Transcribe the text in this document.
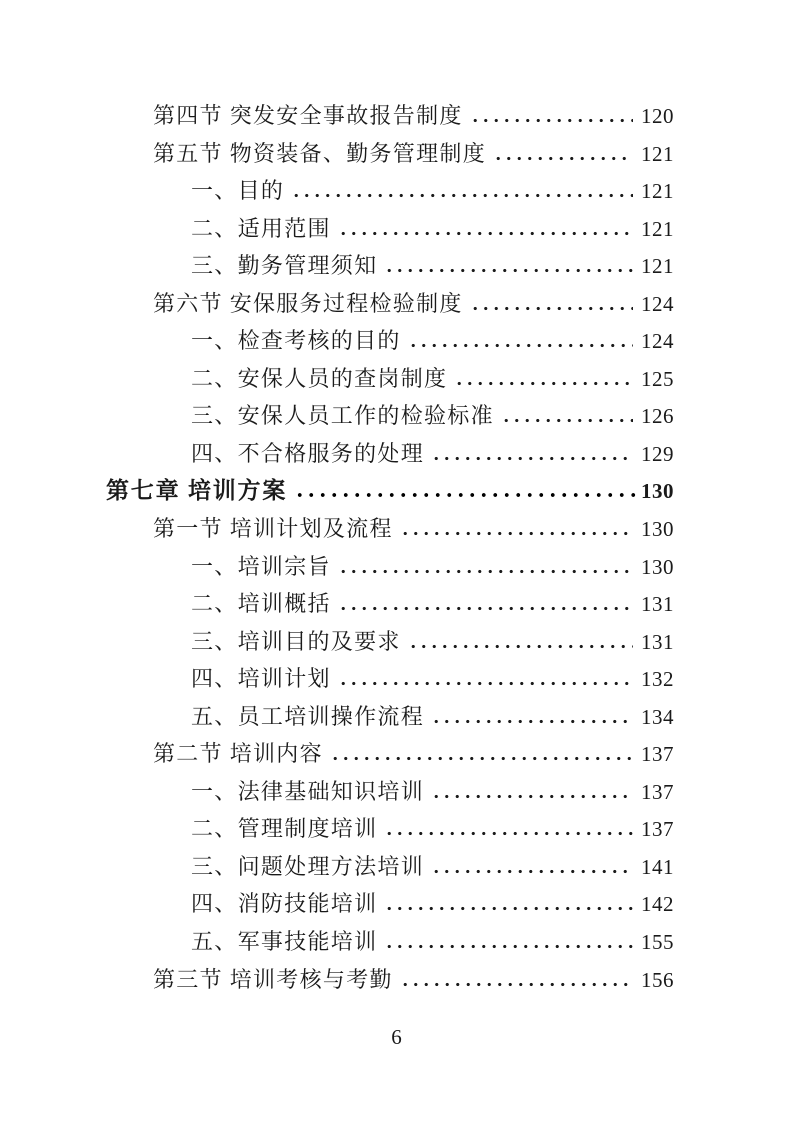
第四节 突发安全事故报告制度	120
第五节 物资装备、勤务管理制度	121
一、目的	121
二、适用范围	121
三、勤务管理须知	121
第六节 安保服务过程检验制度	124
一、检查考核的目的	124
二、安保人员的查岗制度	125
三、安保人员工作的检验标准	126
四、不合格服务的处理	129
第七章 培训方案	130
第一节 培训计划及流程	130
一、培训宗旨	130
二、培训概括	131
三、培训目的及要求	131
四、培训计划	132
五、员工培训操作流程	134
第二节 培训内容	137
一、法律基础知识培训	137
二、管理制度培训	137
三、问题处理方法培训	141
四、消防技能培训	142
五、军事技能培训	155
第三节 培训考核与考勤	156
6
